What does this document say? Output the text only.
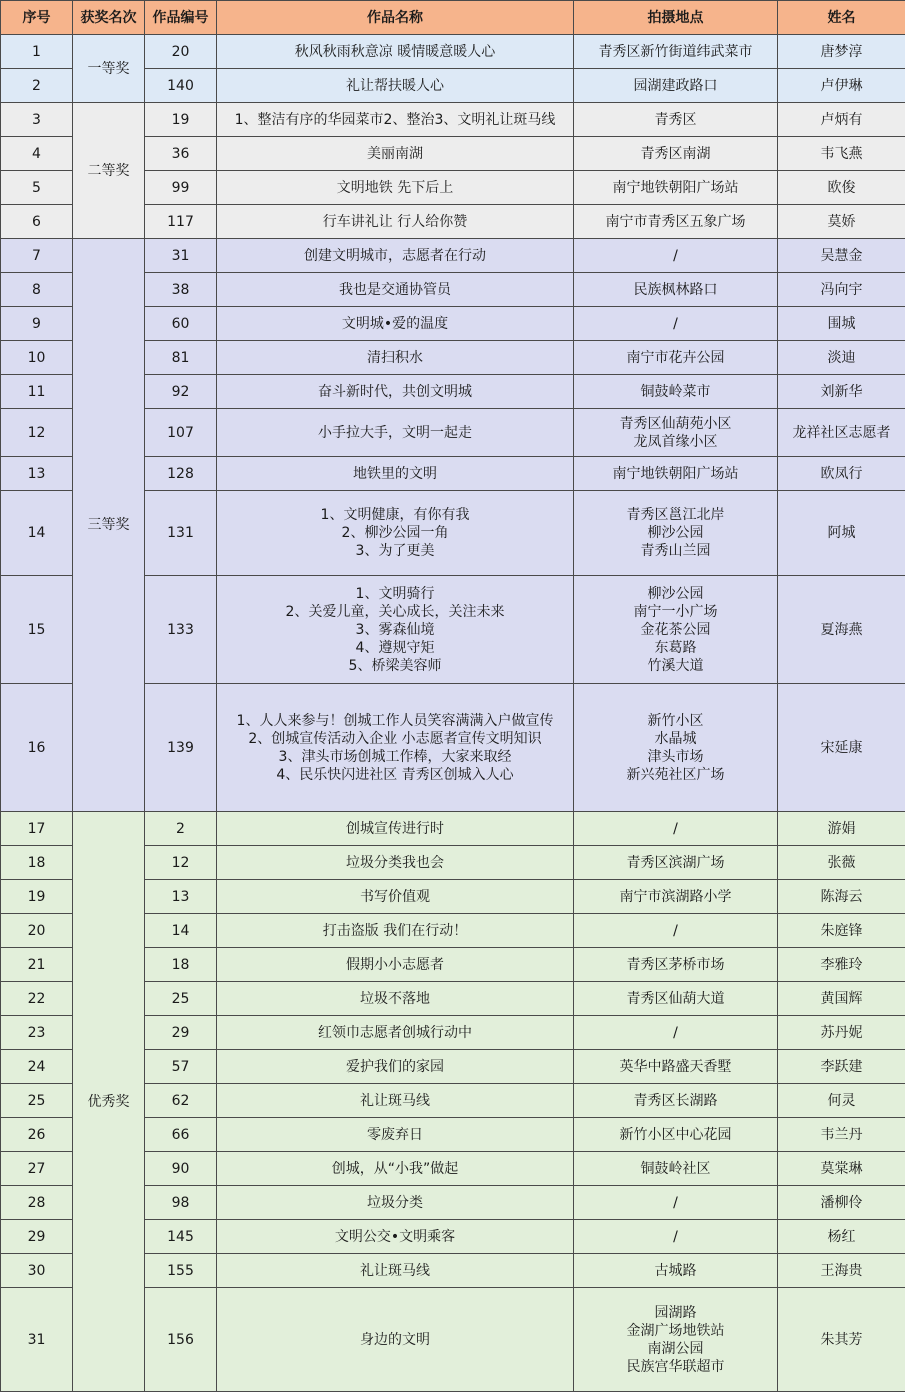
序号	获奖名次	作品编号	作品名称	拍摄地点	姓名
1	一等奖	20	秋风秋雨秋意凉 暖情暖意暖人心	青秀区新竹街道纬武菜市	唐梦淳
2		140	礼让帮扶暖人心	园湖建政路口	卢伊琳
3	二等奖	19	1、整洁有序的华园菜市2、整治3、文明礼让斑马线	青秀区	卢炳有
4		36	美丽南湖	青秀区南湖	韦飞燕
5		99	文明地铁 先下后上	南宁地铁朝阳广场站	欧俊
6		117	行车讲礼让 行人给你赞	南宁市青秀区五象广场	莫娇
7	三等奖	31	创建文明城市，志愿者在行动	/	吴慧金
8		38	我也是交通协管员	民族枫林路口	冯向宇
9		60	文明城•爱的温度	/	围城
10		81	清扫积水	南宁市花卉公园	淡迪
11		92	奋斗新时代，共创文明城	铜鼓岭菜市	刘新华
12		107	小手拉大手，文明一起走	青秀区仙葫苑小区
龙凤首缘小区	龙祥社区志愿者
13		128	地铁里的文明	南宁地铁朝阳广场站	欧凤行
14		131	1、文明健康，有你有我
2、柳沙公园一角
3、为了更美	青秀区邕江北岸
柳沙公园
青秀山兰园	阿城
15		133	1、文明骑行
2、关爱儿童，关心成长，关注未来
3、雾森仙境
4、遵规守矩
5、桥梁美容师	柳沙公园
南宁一小广场
金花茶公园
东葛路
竹溪大道	夏海燕
16		139	1、人人来参与！创城工作人员笑容满满入户做宣传
2、创城宣传活动入企业 小志愿者宣传文明知识
3、津头市场创城工作棒，大家来取经
4、民乐快闪进社区 青秀区创城入人心	新竹小区
水晶城
津头市场
新兴苑社区广场	宋延康
17	优秀奖	2	创城宣传进行时	/	游娟
18		12	垃圾分类我也会	青秀区滨湖广场	张薇
19		13	书写价值观	南宁市滨湖路小学	陈海云
20		14	打击盗版 我们在行动！	/	朱庭锋
21		18	假期小小志愿者	青秀区茅桥市场	李雅玲
22		25	垃圾不落地	青秀区仙葫大道	黄国辉
23		29	红领巾志愿者创城行动中	/	苏丹妮
24		57	爱护我们的家园	英华中路盛天香墅	李跃建
25		62	礼让斑马线	青秀区长湖路	何灵
26		66	零废弃日	新竹小区中心花园	韦兰丹
27		90	创城，从“小我”做起	铜鼓岭社区	莫棠琳
28		98	垃圾分类	/	潘柳伶
29		145	文明公交•文明乘客	/	杨红
30		155	礼让斑马线	古城路	王海贵
31		156	身边的文明	园湖路
金湖广场地铁站
南湖公园
民族宫华联超市	朱其芳
